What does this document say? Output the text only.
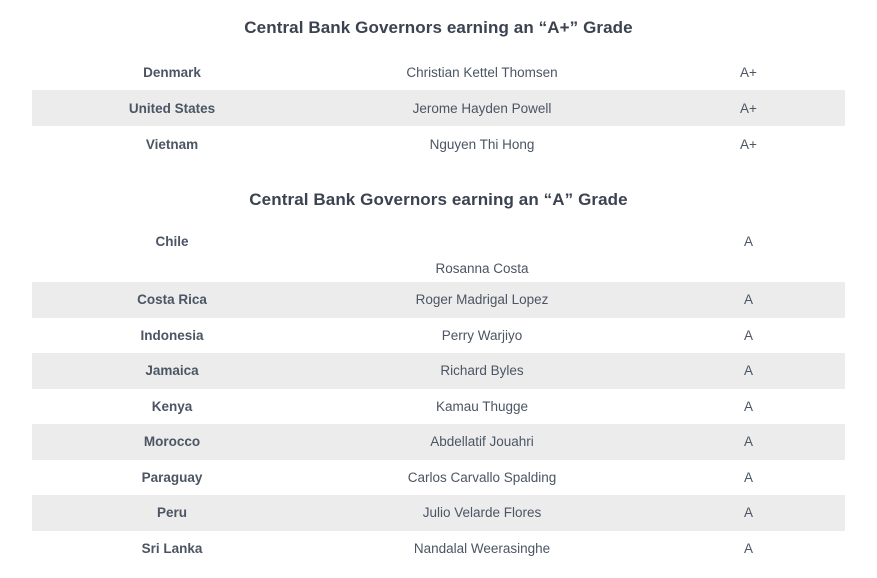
Central Bank Governors earning an “A+” Grade
Denmark	Christian Kettel Thomsen	A+
United States	Jerome Hayden Powell	A+
Vietnam	Nguyen Thi Hong	A+
Central Bank Governors earning an “A” Grade
Chile	Rosanna Costa	A
Costa Rica	Roger Madrigal Lopez	A
Indonesia	Perry Warjiyo	A
Jamaica	Richard Byles	A
Kenya	Kamau Thugge	A
Morocco	Abdellatif Jouahri	A
Paraguay	Carlos Carvallo Spalding	A
Peru	Julio Velarde Flores	A
Sri Lanka	Nandalal Weerasinghe	A
